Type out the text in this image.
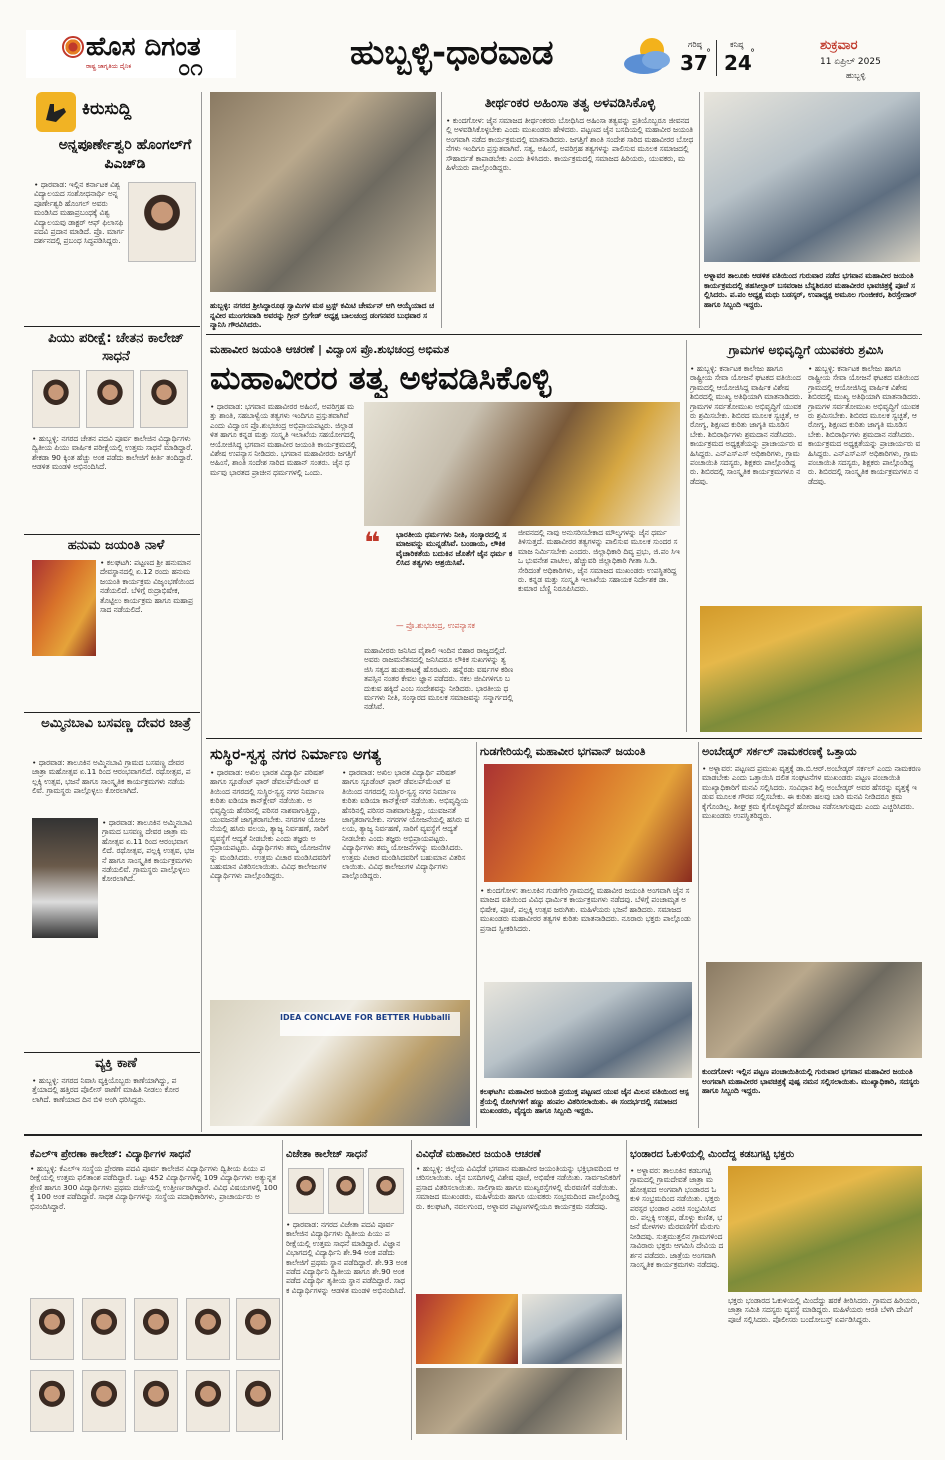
ಹೊಸ ದಿಗಂತ
ರಾಷ್ಟ್ರ ಜಾಗೃತಿಯ ದೈನಿಕ	೦೧	ಹುಬ್ಬಳ್ಳಿ-ಧಾರವಾಡ	ಗರಿಷ್ಠ
37
°
ಕನಿಷ್ಠ
24
°
ಶುಕ್ರವಾರ
11 ಏಪ್ರಿಲ್ 2025
ಹುಬ್ಬಳ್ಳಿ
ಕಿರುಸುದ್ದಿ
ಅನ್ನಪೂರ್ಣೇಶ್ವರಿ ಹೊಂಗಲ್‌ಗೆ ಪಿಎಚ್‌ಡಿ

• ಧಾರವಾಡ: ಇಲ್ಲಿನ ಕರ್ನಾಟಕ ವಿಶ್ವವಿದ್ಯಾಲಯದ ಸಂಶೋಧನಾರ್ಥಿ ಅನ್ನಪೂರ್ಣೇಶ್ವರಿ ಹೊಂಗಲ್ ಅವರು ಮಂಡಿಸಿದ ಮಹಾಪ್ರಬಂಧಕ್ಕೆ ವಿಶ್ವವಿದ್ಯಾಲಯವು ಡಾಕ್ಟರ್ ಆಫ್ ಫಿಲಾಸಫಿ ಪದವಿ ಪ್ರದಾನ ಮಾಡಿದೆ. ಪ್ರೊ. ಮಾರ್ಗದರ್ಶನದಲ್ಲಿ ಪ್ರಬಂಧ ಸಿದ್ಧಪಡಿಸಿದ್ದರು.

ಪಿಯು ಪರೀಕ್ಷೆ: ಚೇತನ ಕಾಲೇಜ್ ಸಾಧನೆ

• ಹುಬ್ಬಳ್ಳಿ: ನಗರದ ಚೇತನ ಪದವಿ ಪೂರ್ವ ಕಾಲೇಜಿನ ವಿದ್ಯಾರ್ಥಿಗಳು ದ್ವಿತೀಯ ಪಿಯು ವಾರ್ಷಿಕ ಪರೀಕ್ಷೆಯಲ್ಲಿ ಉತ್ತಮ ಸಾಧನೆ ಮಾಡಿದ್ದಾರೆ. ಶೇಕಡಾ 90 ಕ್ಕಿಂತ ಹೆಚ್ಚು ಅಂಕ ಪಡೆದು ಕಾಲೇಜಿಗೆ ಕೀರ್ತಿ ತಂದಿದ್ದಾರೆ. ಆಡಳಿತ ಮಂಡಳಿ ಅಭಿನಂದಿಸಿದೆ.

ಹನುಮ ಜಯಂತಿ ನಾಳೆ

• ಕಲಘಟಗಿ: ಪಟ್ಟಣದ ಶ್ರೀ ಹನುಮಾನ ದೇವಸ್ಥಾನದಲ್ಲಿ ಏ.12 ರಂದು ಹನುಮ ಜಯಂತಿ ಕಾರ್ಯಕ್ರಮ ವಿಜೃಂಭಣೆಯಿಂದ ನಡೆಯಲಿದೆ. ಬೆಳಿಗ್ಗೆ ರುದ್ರಾಭಿಷೇಕ, ತೊಟ್ಟಿಲು ಕಾರ್ಯಕ್ರಮ ಹಾಗೂ ಮಹಾಪ್ರಸಾದ ನಡೆಯಲಿದೆ.

ಅಮ್ಮಿನಬಾವಿ ಬಸವಣ್ಣ ದೇವರ ಜಾತ್ರೆ

• ಧಾರವಾಡ: ತಾಲೂಕಿನ ಅಮ್ಮಿನಬಾವಿ ಗ್ರಾಮದ ಬಸವಣ್ಣ ದೇವರ ಜಾತ್ರಾ ಮಹೋತ್ಸವ ಏ.11 ರಿಂದ ಆರಂಭವಾಗಲಿದೆ. ರಥೋತ್ಸವ, ಪಲ್ಲಕ್ಕಿ ಉತ್ಸವ, ಭಜನೆ ಹಾಗೂ ಸಾಂಸ್ಕೃತಿಕ ಕಾರ್ಯಕ್ರಮಗಳು ನಡೆಯಲಿವೆ. ಗ್ರಾಮಸ್ಥರು ಪಾಲ್ಗೊಳ್ಳಲು ಕೋರಲಾಗಿದೆ.

• ಧಾರವಾಡ: ತಾಲೂಕಿನ ಅಮ್ಮಿನಬಾವಿ ಗ್ರಾಮದ ಬಸವಣ್ಣ ದೇವರ ಜಾತ್ರಾ ಮಹೋತ್ಸವ ಏ.11 ರಿಂದ ಆರಂಭವಾಗಲಿದೆ. ರಥೋತ್ಸವ, ಪಲ್ಲಕ್ಕಿ ಉತ್ಸವ, ಭಜನೆ ಹಾಗೂ ಸಾಂಸ್ಕೃತಿಕ ಕಾರ್ಯಕ್ರಮಗಳು ನಡೆಯಲಿವೆ. ಗ್ರಾಮಸ್ಥರು ಪಾಲ್ಗೊಳ್ಳಲು ಕೋರಲಾಗಿದೆ.

ವ್ಯಕ್ತಿ ಕಾಣೆ

• ಹುಬ್ಬಳ್ಳಿ: ನಗರದ ನಿವಾಸಿ ವ್ಯಕ್ತಿಯೊಬ್ಬರು ಕಾಣೆಯಾಗಿದ್ದು, ಪತ್ತೆಯಾದಲ್ಲಿ ಹತ್ತಿರದ ಪೊಲೀಸ್ ಠಾಣೆಗೆ ಮಾಹಿತಿ ನೀಡಲು ಕೋರಲಾಗಿದೆ. ಕಾಣೆಯಾದ ದಿನ ಬಿಳಿ ಅಂಗಿ ಧರಿಸಿದ್ದರು.

ಹುಬ್ಬಳ್ಳಿ: ನಗರದ ಶ್ರೀಸಿದ್ಧಾರೂಢ ಸ್ವಾಮಿಗಳ ಮಠ ಟ್ರಸ್ಟ್ ಕಮಿಟಿ ಚೇರ್ಮನ್ ಆಗಿ ಆಯ್ಕೆಯಾದ ಚನ್ನವೀರ ಮುಂಗರವಾಡಿ ಅವರನ್ನು ಗ್ರೀನ್ ಬ್ರಿಗೇಡ್ ಅಧ್ಯಕ್ಷ ಬಾಲಚಂದ್ರ ಡಂಗನವರ ಬುಧವಾರ ಸನ್ಮಾನಿಸಿ ಗೌರವಿಸಿದರು.

ತೀರ್ಥಂಕರ ಅಹಿಂಸಾ ತತ್ವ ಅಳವಡಿಸಿಕೊಳ್ಳಿ

• ಕುಂದಗೋಳ: ಜೈನ ಸಮಾಜದ ತೀರ್ಥಂಕರರು ಬೋಧಿಸಿದ ಅಹಿಂಸಾ ತತ್ವವನ್ನು ಪ್ರತಿಯೊಬ್ಬರೂ ಜೀವನದಲ್ಲಿ ಅಳವಡಿಸಿಕೊಳ್ಳಬೇಕು ಎಂದು ಮುಖಂಡರು ಹೇಳಿದರು. ಪಟ್ಟಣದ ಜೈನ ಬಸದಿಯಲ್ಲಿ ಮಹಾವೀರ ಜಯಂತಿ ಅಂಗವಾಗಿ ನಡೆದ ಕಾರ್ಯಕ್ರಮದಲ್ಲಿ ಮಾತನಾಡಿದರು. ಜಗತ್ತಿಗೆ ಶಾಂತಿ ಸಂದೇಶ ಸಾರಿದ ಮಹಾವೀರರ ಬೋಧನೆಗಳು ಇಂದಿಗೂ ಪ್ರಸ್ತುತವಾಗಿವೆ. ಸತ್ಯ, ಅಹಿಂಸೆ, ಅಪರಿಗ್ರಹ ತತ್ವಗಳನ್ನು ಪಾಲಿಸುವ ಮೂಲಕ ಸಮಾಜದಲ್ಲಿ ಸೌಹಾರ್ದತೆ ಕಾಪಾಡಬೇಕು ಎಂದು ತಿಳಿಸಿದರು. ಕಾರ್ಯಕ್ರಮದಲ್ಲಿ ಸಮಾಜದ ಹಿರಿಯರು, ಯುವಕರು, ಮಹಿಳೆಯರು ಪಾಲ್ಗೊಂಡಿದ್ದರು.

ಅಳ್ನಾವರ ತಾಲೂಕು ಆಡಳಿತ ವತಿಯಿಂದ ಗುರುವಾರ ನಡೆದ ಭಗವಾನ ಮಹಾವೀರ ಜಯಂತಿ ಕಾರ್ಯಕ್ರಮದಲ್ಲಿ ತಹಸೀಲ್ದಾರ್ ಬಸವರಾಜ ಬೆನ್ನಶಿರೂರ ಮಹಾವೀರರ ಭಾವಚಿತ್ರಕ್ಕೆ ಪೂಜೆ ಸಲ್ಲಿಸಿದರು. ಪ.ಪಂ ಅಧ್ಯಕ್ಷ ಮಧು ಬಡಸ್ಕರ್, ಉಪಾಧ್ಯಕ್ಷ ಅಮೂಲ ಗುಂಜೀಕರ, ಶಿರಸ್ತೇದಾರ್ ಹಾಗೂ ಸಿಬ್ಬಂದಿ ಇದ್ದರು.

ಮಹಾವೀರ ಜಯಂತಿ ಆಚರಣೆ | ವಿದ್ವಾಂಸ ಪ್ರೊ.ಶುಭಚಂದ್ರ ಅಭಿಮತ
ಮಹಾವೀರರ ತತ್ವ ಅಳವಡಿಸಿಕೊಳ್ಳಿ

• ಧಾರವಾಡ: ಭಗವಾನ ಮಹಾವೀರರ ಅಹಿಂಸೆ, ಅಪರಿಗ್ರಹ ಮತ್ತು ಶಾಂತಿ, ಸಹಬಾಳ್ವೆಯ ತತ್ವಗಳು ಇಂದಿಗೂ ಪ್ರಸ್ತುತವಾಗಿವೆ ಎಂದು ವಿದ್ವಾಂಸ ಪ್ರೊ.ಶುಭಚಂದ್ರ ಅಭಿಪ್ರಾಯಪಟ್ಟರು. ಜಿಲ್ಲಾಡಳಿತ ಹಾಗೂ ಕನ್ನಡ ಮತ್ತು ಸಂಸ್ಕೃತಿ ಇಲಾಖೆಯ ಸಹಯೋಗದಲ್ಲಿ ಆಯೋಜಿಸಿದ್ದ ಭಗವಾನ ಮಹಾವೀರ ಜಯಂತಿ ಕಾರ್ಯಕ್ರಮದಲ್ಲಿ ವಿಶೇಷ ಉಪನ್ಯಾಸ ನೀಡಿದರು. ಭಗವಾನ ಮಹಾವೀರರು ಜಗತ್ತಿಗೆ ಅಹಿಂಸೆ, ಶಾಂತಿ ಸಂದೇಶ ಸಾರಿದ ಮಹಾನ್ ಸಂತರು. ಜೈನ ಧರ್ಮವು ಭಾರತದ ಪ್ರಾಚೀನ ಧರ್ಮಗಳಲ್ಲಿ ಒಂದು.

❝	ಭಾರತೀಯ ಧರ್ಮಗಳು ನೀತಿ, ಸಂಸ್ಕಾರದಲ್ಲಿ ಸಮಾಜವನ್ನು ಮುನ್ನಡೆಸಿವೆ. ಬಂಡಾಯ, ಲೌಕಿಕ ವೈಚಾರಿಕತೆಯ ಬದುಕಿನ ಜೊತೆಗೆ ಜೈನ ಧರ್ಮ ಕಲಿಸಿದ ತತ್ವಗಳು ಆಶ್ರಯಿಸಿವೆ.
— ಪ್ರೊ.ಶುಭಚಂದ್ರ, ಉಪನ್ಯಾಸಕ

ಮಹಾವೀರರು ಜನಿಸಿದ ವೈಶಾಲಿ ಇಂದಿನ ಬಿಹಾರ ರಾಜ್ಯದಲ್ಲಿದೆ. ಅವರು ರಾಜಮನೆತನದಲ್ಲಿ ಜನಿಸಿದರೂ ಲೌಕಿಕ ಸುಖಗಳನ್ನು ತ್ಯಜಿಸಿ ಸತ್ಯದ ಹುಡುಕಾಟಕ್ಕೆ ಹೊರಟರು. ಹನ್ನೆರಡು ವರ್ಷಗಳ ಕಠಿಣ ತಪಸ್ಸಿನ ನಂತರ ಕೇವಲ ಜ್ಞಾನ ಪಡೆದರು. ಸಕಲ ಜೀವಿಗಳಿಗೂ ಬದುಕುವ ಹಕ್ಕಿದೆ ಎಂಬ ಸಂದೇಶವನ್ನು ನೀಡಿದರು. ಭಾರತೀಯ ಧರ್ಮಗಳು ನೀತಿ, ಸಂಸ್ಕಾರದ ಮೂಲಕ ಸಮಾಜವನ್ನು ಸನ್ಮಾರ್ಗದಲ್ಲಿ ನಡೆಸಿವೆ.

ಜೀವನದಲ್ಲಿ ನಾವು ಅನುಸರಿಸಬೇಕಾದ ಮೌಲ್ಯಗಳನ್ನು ಜೈನ ಧರ್ಮ ತಿಳಿಸುತ್ತದೆ. ಮಹಾವೀರರ ತತ್ವಗಳನ್ನು ಪಾಲಿಸುವ ಮೂಲಕ ಸುಂದರ ಸಮಾಜ ನಿರ್ಮಿಸಬೇಕು ಎಂದರು. ಜಿಲ್ಲಾಧಿಕಾರಿ ದಿವ್ಯ ಪ್ರಭು, ಜಿ.ಪಂ ಸಿಇಒ ಭುವನೇಶ ಪಾಟೀಲ, ಹೆಚ್ಚುವರಿ ಜಿಲ್ಲಾಧಿಕಾರಿ ಗೀತಾ ಸಿ.ಡಿ. ಸೇರಿದಂತೆ ಅಧಿಕಾರಿಗಳು, ಜೈನ ಸಮಾಜದ ಮುಖಂಡರು ಉಪಸ್ಥಿತರಿದ್ದರು. ಕನ್ನಡ ಮತ್ತು ಸಂಸ್ಕೃತಿ ಇಲಾಖೆಯ ಸಹಾಯಕ ನಿರ್ದೇಶಕ ಡಾ.ಕುಮಾರ ಬೆಣ್ಣಿ ನಿರೂಪಿಸಿದರು.

ಗ್ರಾಮಗಳ ಅಭಿವೃದ್ಧಿಗೆ ಯುವಕರು ಶ್ರಮಿಸಿ

• ಹುಬ್ಬಳ್ಳಿ: ಕರ್ನಾಟಕ ಕಾಲೇಜು ಹಾಗೂ ರಾಷ್ಟ್ರೀಯ ಸೇವಾ ಯೋಜನೆ ಘಟಕದ ವತಿಯಿಂದ ಗ್ರಾಮದಲ್ಲಿ ಆಯೋಜಿಸಿದ್ದ ವಾರ್ಷಿಕ ವಿಶೇಷ ಶಿಬಿರದಲ್ಲಿ ಮುಖ್ಯ ಅತಿಥಿಯಾಗಿ ಮಾತನಾಡಿದರು. ಗ್ರಾಮಗಳ ಸರ್ವತೋಮುಖ ಅಭಿವೃದ್ಧಿಗೆ ಯುವಕರು ಶ್ರಮಿಸಬೇಕು. ಶಿಬಿರದ ಮೂಲಕ ಸ್ವಚ್ಛತೆ, ಆರೋಗ್ಯ, ಶಿಕ್ಷಣದ ಕುರಿತು ಜಾಗೃತಿ ಮೂಡಿಸಬೇಕು. ಶಿಬಿರಾರ್ಥಿಗಳು ಶ್ರಮದಾನ ನಡೆಸಿದರು. ಕಾರ್ಯಕ್ರಮದ ಅಧ್ಯಕ್ಷತೆಯನ್ನು ಪ್ರಾಚಾರ್ಯರು ವಹಿಸಿದ್ದರು. ಎನ್‌ಎಸ್‌ಎಸ್ ಅಧಿಕಾರಿಗಳು, ಗ್ರಾಮ ಪಂಚಾಯಿತಿ ಸದಸ್ಯರು, ಶಿಕ್ಷಕರು ಪಾಲ್ಗೊಂಡಿದ್ದರು. ಶಿಬಿರದಲ್ಲಿ ಸಾಂಸ್ಕೃತಿಕ ಕಾರ್ಯಕ್ರಮಗಳೂ ನಡೆದವು.

• ಹುಬ್ಬಳ್ಳಿ: ಕರ್ನಾಟಕ ಕಾಲೇಜು ಹಾಗೂ ರಾಷ್ಟ್ರೀಯ ಸೇವಾ ಯೋಜನೆ ಘಟಕದ ವತಿಯಿಂದ ಗ್ರಾಮದಲ್ಲಿ ಆಯೋಜಿಸಿದ್ದ ವಾರ್ಷಿಕ ವಿಶೇಷ ಶಿಬಿರದಲ್ಲಿ ಮುಖ್ಯ ಅತಿಥಿಯಾಗಿ ಮಾತನಾಡಿದರು. ಗ್ರಾಮಗಳ ಸರ್ವತೋಮುಖ ಅಭಿವೃದ್ಧಿಗೆ ಯುವಕರು ಶ್ರಮಿಸಬೇಕು. ಶಿಬಿರದ ಮೂಲಕ ಸ್ವಚ್ಛತೆ, ಆರೋಗ್ಯ, ಶಿಕ್ಷಣದ ಕುರಿತು ಜಾಗೃತಿ ಮೂಡಿಸಬೇಕು. ಶಿಬಿರಾರ್ಥಿಗಳು ಶ್ರಮದಾನ ನಡೆಸಿದರು. ಕಾರ್ಯಕ್ರಮದ ಅಧ್ಯಕ್ಷತೆಯನ್ನು ಪ್ರಾಚಾರ್ಯರು ವಹಿಸಿದ್ದರು. ಎನ್‌ಎಸ್‌ಎಸ್ ಅಧಿಕಾರಿಗಳು, ಗ್ರಾಮ ಪಂಚಾಯಿತಿ ಸದಸ್ಯರು, ಶಿಕ್ಷಕರು ಪಾಲ್ಗೊಂಡಿದ್ದರು. ಶಿಬಿರದಲ್ಲಿ ಸಾಂಸ್ಕೃತಿಕ ಕಾರ್ಯಕ್ರಮಗಳೂ ನಡೆದವು.

ಸುಸ್ಥಿರ-ಸ್ವಸ್ಥ ನಗರ ನಿರ್ಮಾಣ ಅಗತ್ಯ

• ಧಾರವಾಡ: ಅಖಿಲ ಭಾರತ ವಿದ್ಯಾರ್ಥಿ ಪರಿಷತ್ ಹಾಗೂ ಸ್ಟೂಡೆಂಟ್ ಫಾರ್ ಡೆವಲಪ್‌ಮೆಂಟ್ ವತಿಯಿಂದ ನಗರದಲ್ಲಿ ಸುಸ್ಥಿರ-ಸ್ವಸ್ಥ ನಗರ ನಿರ್ಮಾಣ ಕುರಿತು ಐಡಿಯಾ ಕಾನ್‌ಕ್ಲೇವ್ ನಡೆಯಿತು. ಅಭಿವೃದ್ಧಿಯ ಹೆಸರಿನಲ್ಲಿ ಪರಿಸರ ನಾಶವಾಗುತ್ತಿದ್ದು, ಯುವಜನತೆ ಜಾಗೃತರಾಗಬೇಕು. ನಗರಗಳ ಯೋಜನೆಯಲ್ಲಿ ಹಸಿರು ವಲಯ, ತ್ಯಾಜ್ಯ ನಿರ್ವಹಣೆ, ಸಾರಿಗೆ ವ್ಯವಸ್ಥೆಗೆ ಆದ್ಯತೆ ನೀಡಬೇಕು ಎಂದು ತಜ್ಞರು ಅಭಿಪ್ರಾಯಪಟ್ಟರು. ವಿದ್ಯಾರ್ಥಿಗಳು ತಮ್ಮ ಯೋಜನೆಗಳನ್ನು ಮಂಡಿಸಿದರು. ಉತ್ತಮ ವಿಚಾರ ಮಂಡಿಸಿದವರಿಗೆ ಬಹುಮಾನ ವಿತರಿಸಲಾಯಿತು. ವಿವಿಧ ಕಾಲೇಜುಗಳ ವಿದ್ಯಾರ್ಥಿಗಳು ಪಾಲ್ಗೊಂಡಿದ್ದರು.

• ಧಾರವಾಡ: ಅಖಿಲ ಭಾರತ ವಿದ್ಯಾರ್ಥಿ ಪರಿಷತ್ ಹಾಗೂ ಸ್ಟೂಡೆಂಟ್ ಫಾರ್ ಡೆವಲಪ್‌ಮೆಂಟ್ ವತಿಯಿಂದ ನಗರದಲ್ಲಿ ಸುಸ್ಥಿರ-ಸ್ವಸ್ಥ ನಗರ ನಿರ್ಮಾಣ ಕುರಿತು ಐಡಿಯಾ ಕಾನ್‌ಕ್ಲೇವ್ ನಡೆಯಿತು. ಅಭಿವೃದ್ಧಿಯ ಹೆಸರಿನಲ್ಲಿ ಪರಿಸರ ನಾಶವಾಗುತ್ತಿದ್ದು, ಯುವಜನತೆ ಜಾಗೃತರಾಗಬೇಕು. ನಗರಗಳ ಯೋಜನೆಯಲ್ಲಿ ಹಸಿರು ವಲಯ, ತ್ಯಾಜ್ಯ ನಿರ್ವಹಣೆ, ಸಾರಿಗೆ ವ್ಯವಸ್ಥೆಗೆ ಆದ್ಯತೆ ನೀಡಬೇಕು ಎಂದು ತಜ್ಞರು ಅಭಿಪ್ರಾಯಪಟ್ಟರು. ವಿದ್ಯಾರ್ಥಿಗಳು ತಮ್ಮ ಯೋಜನೆಗಳನ್ನು ಮಂಡಿಸಿದರು. ಉತ್ತಮ ವಿಚಾರ ಮಂಡಿಸಿದವರಿಗೆ ಬಹುಮಾನ ವಿತರಿಸಲಾಯಿತು. ವಿವಿಧ ಕಾಲೇಜುಗಳ ವಿದ್ಯಾರ್ಥಿಗಳು ಪಾಲ್ಗೊಂಡಿದ್ದರು.

IDEA CONCLAVE FOR BETTER Hubballi
ಗುಡಗೇರಿಯಲ್ಲಿ ಮಹಾವೀರ ಭಗವಾನ್ ಜಯಂತಿ

• ಕುಂದಗೋಳ: ತಾಲೂಕಿನ ಗುಡಗೇರಿ ಗ್ರಾಮದಲ್ಲಿ ಮಹಾವೀರ ಜಯಂತಿ ಅಂಗವಾಗಿ ಜೈನ ಸಮಾಜದ ವತಿಯಿಂದ ವಿವಿಧ ಧಾರ್ಮಿಕ ಕಾರ್ಯಕ್ರಮಗಳು ನಡೆದವು. ಬೆಳಿಗ್ಗೆ ಪಂಚಾಮೃತ ಅಭಿಷೇಕ, ಪೂಜೆ, ಪಲ್ಲಕ್ಕಿ ಉತ್ಸವ ಜರುಗಿತು. ಮಹಿಳೆಯರು ಭಜನೆ ಹಾಡಿದರು. ಸಮಾಜದ ಮುಖಂಡರು ಮಹಾವೀರರ ತತ್ವಗಳ ಕುರಿತು ಮಾತನಾಡಿದರು. ನೂರಾರು ಭಕ್ತರು ಪಾಲ್ಗೊಂಡು ಪ್ರಸಾದ ಸ್ವೀಕರಿಸಿದರು.

ಕಲಘಟಗಿ: ಮಹಾವೀರ ಜಯಂತಿ ಪ್ರಯುಕ್ತ ಪಟ್ಟಣದ ಯುವ ಜೈನ ಮಿಲನ ವತಿಯಿಂದ ಆಸ್ಪತ್ರೆಯಲ್ಲಿ ರೋಗಿಗಳಿಗೆ ಹಣ್ಣು ಹಂಪಲ ವಿತರಿಸಲಾಯಿತು. ಈ ಸಂದರ್ಭದಲ್ಲಿ ಸಮಾಜದ ಮುಖಂಡರು, ವೈದ್ಯರು ಹಾಗೂ ಸಿಬ್ಬಂದಿ ಇದ್ದರು.

ಅಂಬೇಡ್ಕರ್ ಸರ್ಕಲ್ ನಾಮಕರಣಕ್ಕೆ ಒತ್ತಾಯ

• ಅಳ್ನಾವರ: ಪಟ್ಟಣದ ಪ್ರಮುಖ ವೃತ್ತಕ್ಕೆ ಡಾ.ಬಿ.ಆರ್.ಅಂಬೇಡ್ಕರ್ ಸರ್ಕಲ್ ಎಂದು ನಾಮಕರಣ ಮಾಡಬೇಕು ಎಂದು ಒತ್ತಾಯಿಸಿ ದಲಿತ ಸಂಘಟನೆಗಳ ಮುಖಂಡರು ಪಟ್ಟಣ ಪಂಚಾಯಿತಿ ಮುಖ್ಯಾಧಿಕಾರಿಗೆ ಮನವಿ ಸಲ್ಲಿಸಿದರು. ಸಂವಿಧಾನ ಶಿಲ್ಪಿ ಅಂಬೇಡ್ಕರ್ ಅವರ ಹೆಸರನ್ನು ವೃತ್ತಕ್ಕೆ ಇಡುವ ಮೂಲಕ ಗೌರವ ಸಲ್ಲಿಸಬೇಕು. ಈ ಕುರಿತು ಹಲವು ಬಾರಿ ಮನವಿ ನೀಡಿದರೂ ಕ್ರಮ ಕೈಗೊಂಡಿಲ್ಲ. ಶೀಘ್ರ ಕ್ರಮ ಕೈಗೊಳ್ಳದಿದ್ದರೆ ಹೋರಾಟ ನಡೆಸಲಾಗುವುದು ಎಂದು ಎಚ್ಚರಿಸಿದರು. ಮುಖಂಡರು ಉಪಸ್ಥಿತರಿದ್ದರು.

ಕುಂದಗೋಳ: ಇಲ್ಲಿನ ಪಟ್ಟಣ ಪಂಚಾಯಿತಿಯಲ್ಲಿ ಗುರುವಾರ ಭಗವಾನ ಮಹಾವೀರ ಜಯಂತಿ ಅಂಗವಾಗಿ ಮಹಾವೀರರ ಭಾವಚಿತ್ರಕ್ಕೆ ಪುಷ್ಪ ನಮನ ಸಲ್ಲಿಸಲಾಯಿತು. ಮುಖ್ಯಾಧಿಕಾರಿ, ಸದಸ್ಯರು ಹಾಗೂ ಸಿಬ್ಬಂದಿ ಇದ್ದರು.

ಕೆಎಲ್‌ಇ ಪ್ರೇರಣಾ ಕಾಲೇಜ್: ವಿದ್ಯಾರ್ಥಿಗಳ ಸಾಧನೆ

• ಹುಬ್ಬಳ್ಳಿ: ಕೆಎಲ್‌ಇ ಸಂಸ್ಥೆಯ ಪ್ರೇರಣಾ ಪದವಿ ಪೂರ್ವ ಕಾಲೇಜಿನ ವಿದ್ಯಾರ್ಥಿಗಳು ದ್ವಿತೀಯ ಪಿಯು ಪರೀಕ್ಷೆಯಲ್ಲಿ ಉತ್ತಮ ಫಲಿತಾಂಶ ಪಡೆದಿದ್ದಾರೆ. ಒಟ್ಟು 452 ವಿದ್ಯಾರ್ಥಿಗಳಲ್ಲಿ 109 ವಿದ್ಯಾರ್ಥಿಗಳು ಅತ್ಯುನ್ನತ ಶ್ರೇಣಿ ಹಾಗೂ 300 ವಿದ್ಯಾರ್ಥಿಗಳು ಪ್ರಥಮ ದರ್ಜೆಯಲ್ಲಿ ಉತ್ತೀರ್ಣರಾಗಿದ್ದಾರೆ. ವಿವಿಧ ವಿಷಯಗಳಲ್ಲಿ 100 ಕ್ಕೆ 100 ಅಂಕ ಪಡೆದಿದ್ದಾರೆ. ಸಾಧಕ ವಿದ್ಯಾರ್ಥಿಗಳನ್ನು ಸಂಸ್ಥೆಯ ಪದಾಧಿಕಾರಿಗಳು, ಪ್ರಾಚಾರ್ಯರು ಅಭಿನಂದಿಸಿದ್ದಾರೆ.

ವಿಜೇತಾ ಕಾಲೇಜ್ ಸಾಧನೆ

• ಧಾರವಾಡ: ನಗರದ ವಿಜೇತಾ ಪದವಿ ಪೂರ್ವ ಕಾಲೇಜಿನ ವಿದ್ಯಾರ್ಥಿಗಳು ದ್ವಿತೀಯ ಪಿಯು ಪರೀಕ್ಷೆಯಲ್ಲಿ ಉತ್ತಮ ಸಾಧನೆ ಮಾಡಿದ್ದಾರೆ. ವಿಜ್ಞಾನ ವಿಭಾಗದಲ್ಲಿ ವಿದ್ಯಾರ್ಥಿನಿ ಶೇ.94 ಅಂಕ ಪಡೆದು ಕಾಲೇಜಿಗೆ ಪ್ರಥಮ ಸ್ಥಾನ ಪಡೆದಿದ್ದಾರೆ. ಶೇ.93 ಅಂಕ ಪಡೆದ ವಿದ್ಯಾರ್ಥಿನಿ ದ್ವಿತೀಯ ಹಾಗೂ ಶೇ.90 ಅಂಕ ಪಡೆದ ವಿದ್ಯಾರ್ಥಿ ತೃತೀಯ ಸ್ಥಾನ ಪಡೆದಿದ್ದಾರೆ. ಸಾಧಕ ವಿದ್ಯಾರ್ಥಿಗಳನ್ನು ಆಡಳಿತ ಮಂಡಳಿ ಅಭಿನಂದಿಸಿದೆ.

ವಿವಿಧೆಡೆ ಮಹಾವೀರ ಜಯಂತಿ ಆಚರಣೆ

• ಹುಬ್ಬಳ್ಳಿ: ಜಿಲ್ಲೆಯ ವಿವಿಧೆಡೆ ಭಗವಾನ ಮಹಾವೀರ ಜಯಂತಿಯನ್ನು ಭಕ್ತಿಭಾವದಿಂದ ಆಚರಿಸಲಾಯಿತು. ಜೈನ ಬಸದಿಗಳಲ್ಲಿ ವಿಶೇಷ ಪೂಜೆ, ಅಭಿಷೇಕ ನಡೆಯಿತು. ಸಾರ್ವಜನಿಕರಿಗೆ ಪ್ರಸಾದ ವಿತರಿಸಲಾಯಿತು. ಸಾಲಿಗ್ರಾಮ ಹಾಗೂ ಮುಖ್ಯರಸ್ತೆಗಳಲ್ಲಿ ಮೆರವಣಿಗೆ ನಡೆಯಿತು. ಸಮಾಜದ ಮುಖಂಡರು, ಮಹಿಳೆಯರು ಹಾಗೂ ಯುವಕರು ಸಂಭ್ರಮದಿಂದ ಪಾಲ್ಗೊಂಡಿದ್ದರು. ಕಲಘಟಗಿ, ನವಲಗುಂದ, ಅಳ್ನಾವರ ಪಟ್ಟಣಗಳಲ್ಲಿಯೂ ಕಾರ್ಯಕ್ರಮ ನಡೆದವು.

ಭಂಡಾರದ ಓಕುಳಿಯಲ್ಲಿ ಮಿಂದೆದ್ದ ಕಡಬಗಟ್ಟಿ ಭಕ್ತರು

• ಅಳ್ನಾವರ: ತಾಲೂಕಿನ ಕಡಬಗಟ್ಟಿ ಗ್ರಾಮದಲ್ಲಿ ಗ್ರಾಮದೇವತೆ ಜಾತ್ರಾ ಮಹೋತ್ಸವದ ಅಂಗವಾಗಿ ಭಂಡಾರದ ಓಕುಳಿ ಸಂಭ್ರಮದಿಂದ ನಡೆಯಿತು. ಭಕ್ತರು ಪರಸ್ಪರ ಭಂಡಾರ ಎರಚಿ ಸಂಭ್ರಮಿಸಿದರು. ಪಲ್ಲಕ್ಕಿ ಉತ್ಸವ, ಡೊಳ್ಳು ಕುಣಿತ, ಭಜನೆ ಮೇಳಗಳು ಮೆರವಣಿಗೆಗೆ ಮೆರುಗು ನೀಡಿದವು. ಸುತ್ತಮುತ್ತಲಿನ ಗ್ರಾಮಗಳಿಂದ ಸಾವಿರಾರು ಭಕ್ತರು ಆಗಮಿಸಿ ದೇವಿಯ ದರ್ಶನ ಪಡೆದರು. ಜಾತ್ರೆಯ ಅಂಗವಾಗಿ ಸಾಂಸ್ಕೃತಿಕ ಕಾರ್ಯಕ್ರಮಗಳು ನಡೆದವು.

ಭಕ್ತರು ಭಂಡಾರದ ಓಕುಳಿಯಲ್ಲಿ ಮಿಂದೆದ್ದು ಹರಕೆ ತೀರಿಸಿದರು. ಗ್ರಾಮದ ಹಿರಿಯರು, ಜಾತ್ರಾ ಸಮಿತಿ ಸದಸ್ಯರು ವ್ಯವಸ್ಥೆ ಮಾಡಿದ್ದರು. ಮಹಿಳೆಯರು ಆರತಿ ಬೆಳಗಿ ದೇವಿಗೆ ಪೂಜೆ ಸಲ್ಲಿಸಿದರು. ಪೊಲೀಸರು ಬಂದೋಬಸ್ತ್ ಏರ್ಪಡಿಸಿದ್ದರು.
